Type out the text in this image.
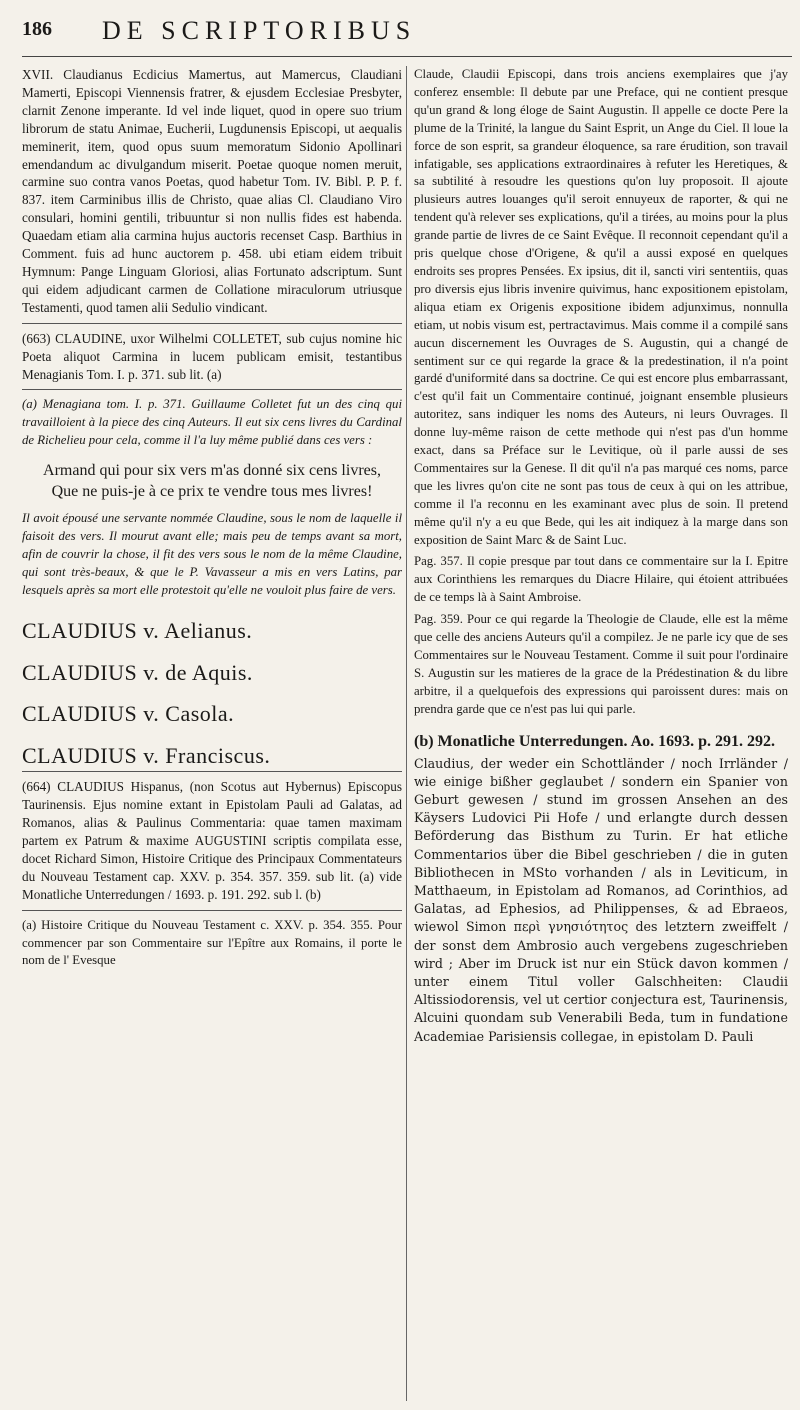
186 DE SCRIPTORIBUS

XVII. Claudianus Ecdicius Mamertus, aut Mamercus, Claudiani Mamerti, Episcopi Viennensis fratrer, & ejusdem Ecclesiae Presbyter, clarnit Zenone imperante. Id vel inde liquet, quod in opere suo trium librorum de statu Animae, Eucherii, Lugdunensis Episcopi, ut aequalis meminerit, item, quod opus suum memoratum Sidonio Apollinari emendandum ac divulgandum miserit. Poetae quoque nomen meruit, carmine suo contra vanos Poetas, quod habetur Tom. IV. Bibl. P. P. f. 837. item Carminibus illis de Christo, quae alias Cl. Claudiano Viro consulari, homini gentili, tribuuntur si non nullis fides est habenda. Quaedam etiam alia carmina hujus auctoris recenset Casp. Barthius in Comment. fuis ad hunc auctorem p. 458. ubi etiam eidem tribuit Hymnum: Pange Linguam Gloriosi, alias Fortunato adscriptum. Sunt qui eidem adjudicant carmen de Collatione miraculorum utriusque Testamenti, quod tamen alii Sedulio vindicant.

(663) CLAUDINE, uxor Wilhelmi COLLETET, sub cujus nomine hic Poeta aliquot Carmina in lucem publicam emisit, testantibus Menagianis Tom. I. p. 371. sub lit. (a)

(a) Menagiana tom. I. p. 371. Guillaume Colletet fut un des cinq qui travailloient à la piece des cinq Auteurs. Il eut six cens livres du Cardinal de Richelieu pour cela, comme il l'a luy même publié dans ces vers :

Armand qui pour six vers m'as donné six cens livres,
Que ne puis-je à ce prix te vendre tous mes livres!

Il avoit épousé une servante nommée Claudine, sous le nom de laquelle il faisoit des vers. Il mourut avant elle; mais peu de temps avant sa mort, afin de couvrir la chose, il fit des vers sous le nom de la même Claudine, qui sont très-beaux, & que le P. Vavasseur a mis en vers Latins, par lesquels après sa mort elle protestoit qu'elle ne vouloit plus faire de vers.

CLAUDIUS v. Aelianus.
CLAUDIUS v. de Aquis.
CLAUDIUS v. Casola.
CLAUDIUS v. Franciscus.

(664) CLAUDIUS Hispanus, (non Scotus aut Hybernus) Episcopus Taurinensis. Ejus nomine extant in Epistolam Pauli ad Galatas, ad Romanos, alias & Paulinus Commentaria: quae tamen maximam partem ex Patrum & maxime AUGUSTINI scriptis compilata esse, docet Richard Simon, Histoire Critique des Principaux Commentateurs du Nouveau Testament cap. XXV. p. 354. 357. 359. sub lit. (a) vide Monatliche Unterredungen / 1693. p. 191. 292. sub l. (b)

(a) Histoire Critique du Nouveau Testament c. XXV. p. 354. 355. Pour commencer par son Commentaire sur l'Epître aux Romains, il porte le nom de l' Evesque

Claude, Claudii Episcopi, dans trois anciens exemplaires que j'ay conferez ensemble: Il debute par une Preface, qui ne contient presque qu'un grand & long éloge de Saint Augustin. Il appelle ce docte Pere la plume de la Trinité, la langue du Saint Esprit, un Ange du Ciel. Il loue la force de son esprit, sa grandeur éloquence, sa rare érudition, son travail infatigable, ses applications extraordinaires à refuter les Heretiques, & sa subtilité à resoudre les questions qu'on luy proposoit. Il ajoute plusieurs autres louanges qu'il seroit ennuyeux de raporter, & qui ne tendent qu'à relever ses explications, qu'il a tirées, au moins pour la plus grande partie de livres de ce Saint Evêque. Il reconnoit cependant qu'il a pris quelque chose d'Origene, & qu'il a aussi exposé en quelques endroits ses propres Pensées. Ex ipsius, dit il, sancti viri sententiis, quas pro diversis ejus libris invenire quivimus, hanc expositionem epistolam, aliqua etiam ex Origenis expositione ibidem adjunximus, nonnulla etiam, ut nobis visum est, pertractavimus. Mais comme il a compilé sans aucun discernement les Ouvrages de S. Augustin, qui a changé de sentiment sur ce qui regarde la grace & la predestination, il n'a point gardé d'uniformité dans sa doctrine. Ce qui est encore plus embarrassant, c'est qu'il fait un Commentaire continué, joignant ensemble plusieurs autoritez, sans indiquer les noms des Auteurs, ni leurs Ouvrages. Il donne luy-même raison de cette methode qui n'est pas d'un homme exact, dans sa Préface sur le Levitique, où il parle aussi de ses Commentaires sur la Genese. Il dit qu'il n'a pas marqué ces noms, parce que les livres qu'on cite ne sont pas tous de ceux à qui on les attribue, comme il l'a reconnu en les examinant avec plus de soin. Il pretend même qu'il n'y a eu que Bede, qui les ait indiquez à la marge dans son exposition de Saint Marc & de Saint Luc.

Pag. 357. Il copie presque par tout dans ce commentaire sur la I. Epitre aux Corinthiens les remarques du Diacre Hilaire, qui étoient attribuées de ce temps là à Saint Ambroise.

Pag. 359. Pour ce qui regarde la Theologie de Claude, elle est la même que celle des anciens Auteurs qu'il a compilez. Je ne parle icy que de ses Commentaires sur le Nouveau Testament. Comme il suit pour l'ordinaire S. Augustin sur les matieres de la grace de la Prédestination & du libre arbitre, il a quelquefois des expressions qui paroissent dures: mais on prendra garde que ce n'est pas lui qui parle.

(b) Monatliche Unterredungen. Ao. 1693. p. 291. 292.

Claudius, der weder ein Schottländer / noch Irrländer / wie einige bißher geglaubet / sondern ein Spanier von Geburt gewesen / stund im grossen Ansehen an des Käysers Ludovici Pii Hofe / und erlangte durch dessen Beförderung das Bisthum zu Turin. Er hat etliche Commentarios über die Bibel geschrieben / die in guten Bibliothecen in MSto vorhanden / als in Leviticum, in Matthaeum, in Epistolam ad Romanos, ad Corinthios, ad Galatas, ad Ephesios, ad Philippenses, & ad Ebraeos, wiewol Simon περὶ γνησιότητος des letztern zweiffelt / der sonst dem Ambrosio auch vergebens zugeschrieben wird ; Aber im Druck ist nur ein Stück davon kommen / unter einem Titul voller Galschheiten: Claudii Altissiodorensis, vel ut certior conjectura est, Taurinensis, Alcuini quondam sub Venerabili Beda, tum in fundatione Academiae Parisiensis collegae, in epistolam D. Pauli
